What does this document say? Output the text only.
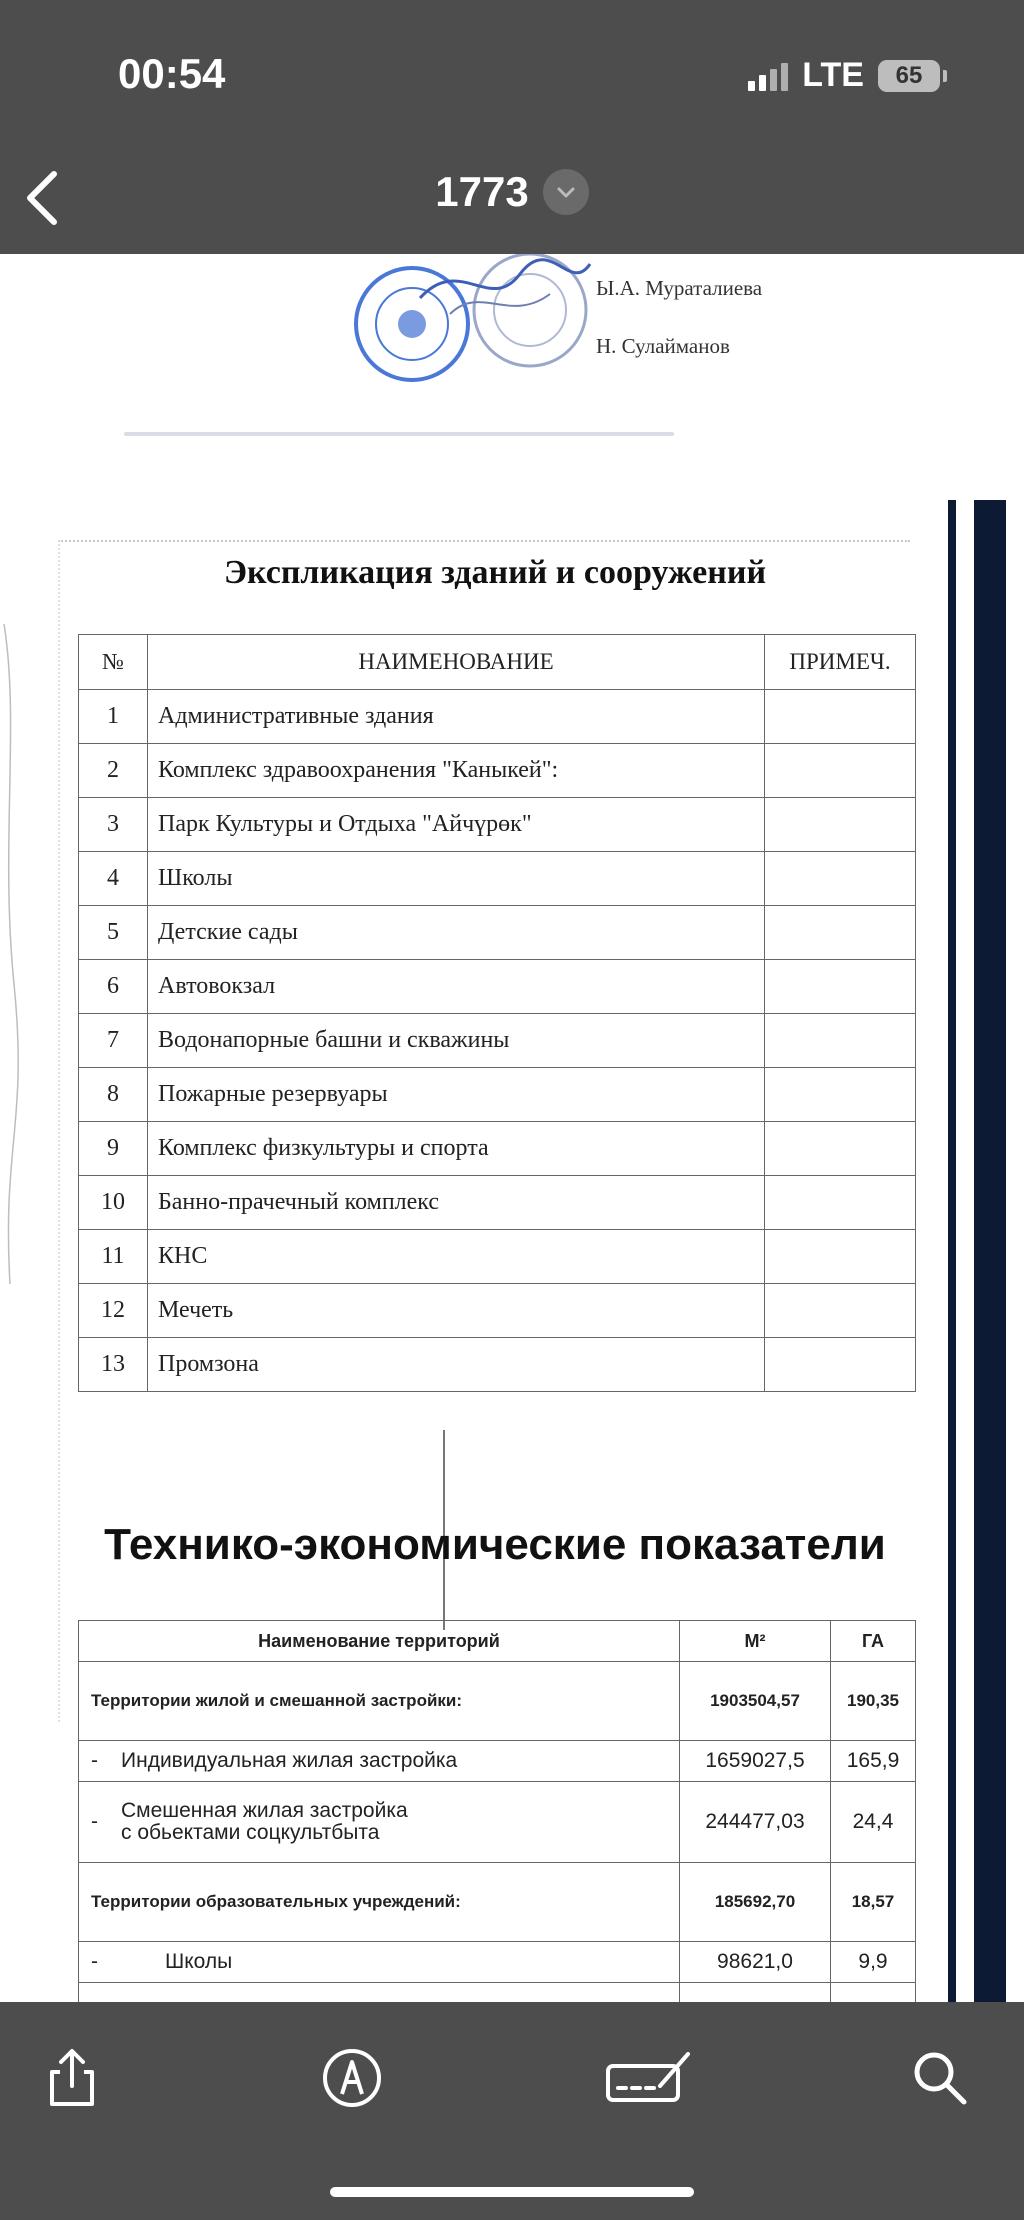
00:54	LTE	65
1773
Ы.А. Мураталиева
Н. Сулайманов
Экспликация зданий и сооружений
№	НАИМЕНОВАНИЕ	ПРИМЕЧ.
1	Административные здания	
2	Комплекс здравоохранения "Каныкей":	
3	Парк Культуры и Отдыха "Айчүрөк"	
4	Школы	
5	Детские сады	
6	Автовокзал	
7	Водонапорные башни и скважины	
8	Пожарные резервуары	
9	Комплекс физкультуры и спорта	
10	Банно-прачечный комплекс	
11	КНС	
12	Мечеть	
13	Промзона	
Технико-экономические показатели
Наименование территорий	М²	ГА
Территории жилой и смешанной застройки:	1903504,57	190,35
- Индивидуальная жилая застройка	1659027,5	165,9

- Смешенная жилая застройка
с обьектами соцкультбыта	244477,03	24,4
Территории образовательных учреждений:	185692,70	18,57
- Школы	98621,0	9,9
